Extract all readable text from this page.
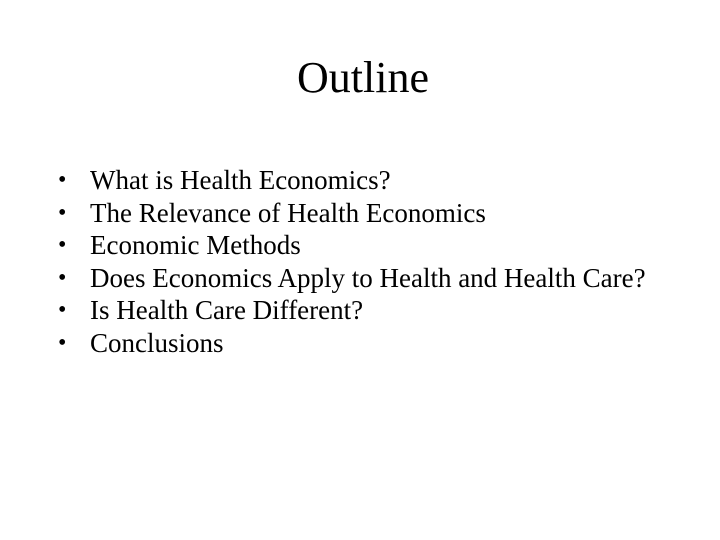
Outline
• What is Health Economics?
• The Relevance of Health Economics
• Economic Methods
• Does Economics Apply to Health and Health Care?
• Is Health Care Different?
• Conclusions
